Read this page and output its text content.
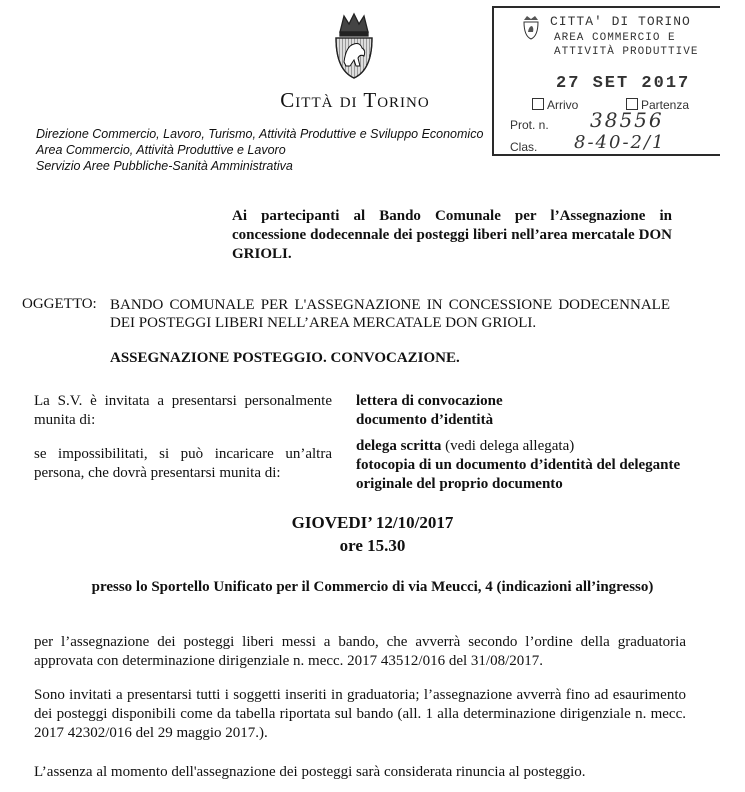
Città di Torino
CITTA' DI TORINO
AREA COMMERCIO E
ATTIVITÀ PRODUTTIVE
27 SET 2017
Arrivo	Partenza
Prot. n. 38556
Clas. 8-40-2/1
Direzione Commercio, Lavoro, Turismo, Attività Produttive e Sviluppo Economico
Area Commercio, Attività Produttive e Lavoro
Servizio Aree Pubbliche-Sanità Amministrativa
Ai partecipanti al Bando Comunale per l’Assegnazione in concessione dodecennale dei posteggi liberi nell’area mercatale DON GRIOLI.
OGGETTO: BANDO COMUNALE PER L'ASSEGNAZIONE IN CONCESSIONE DODECENNALE DEI POSTEGGI LIBERI NELL’AREA MERCATALE DON GRIOLI.
ASSEGNAZIONE POSTEGGIO. CONVOCAZIONE.
La S.V. è invitata a presentarsi personalmente munita di:
lettera di convocazione
documento d’identità
se impossibilitati, si può incaricare un’altra persona, che dovrà presentarsi munita di:
delega scritta (vedi delega allegata)
fotocopia di un documento d’identità del delegante
originale del proprio documento
GIOVEDI’ 12/10/2017
ore 15.30
presso lo Sportello Unificato per il Commercio di via Meucci, 4 (indicazioni all’ingresso)
per l’assegnazione dei posteggi liberi messi a bando, che avverrà secondo l’ordine della graduatoria approvata con determinazione dirigenziale n. mecc. 2017 43512/016 del 31/08/2017.
Sono invitati a presentarsi tutti i soggetti inseriti in graduatoria; l’assegnazione avverrà fino ad esaurimento dei posteggi disponibili come da tabella riportata sul bando (all. 1 alla determinazione dirigenziale n. mecc. 2017 42302/016 del 29 maggio 2017.).
L’assenza al momento dell'assegnazione dei posteggi sarà considerata rinuncia al posteggio.
